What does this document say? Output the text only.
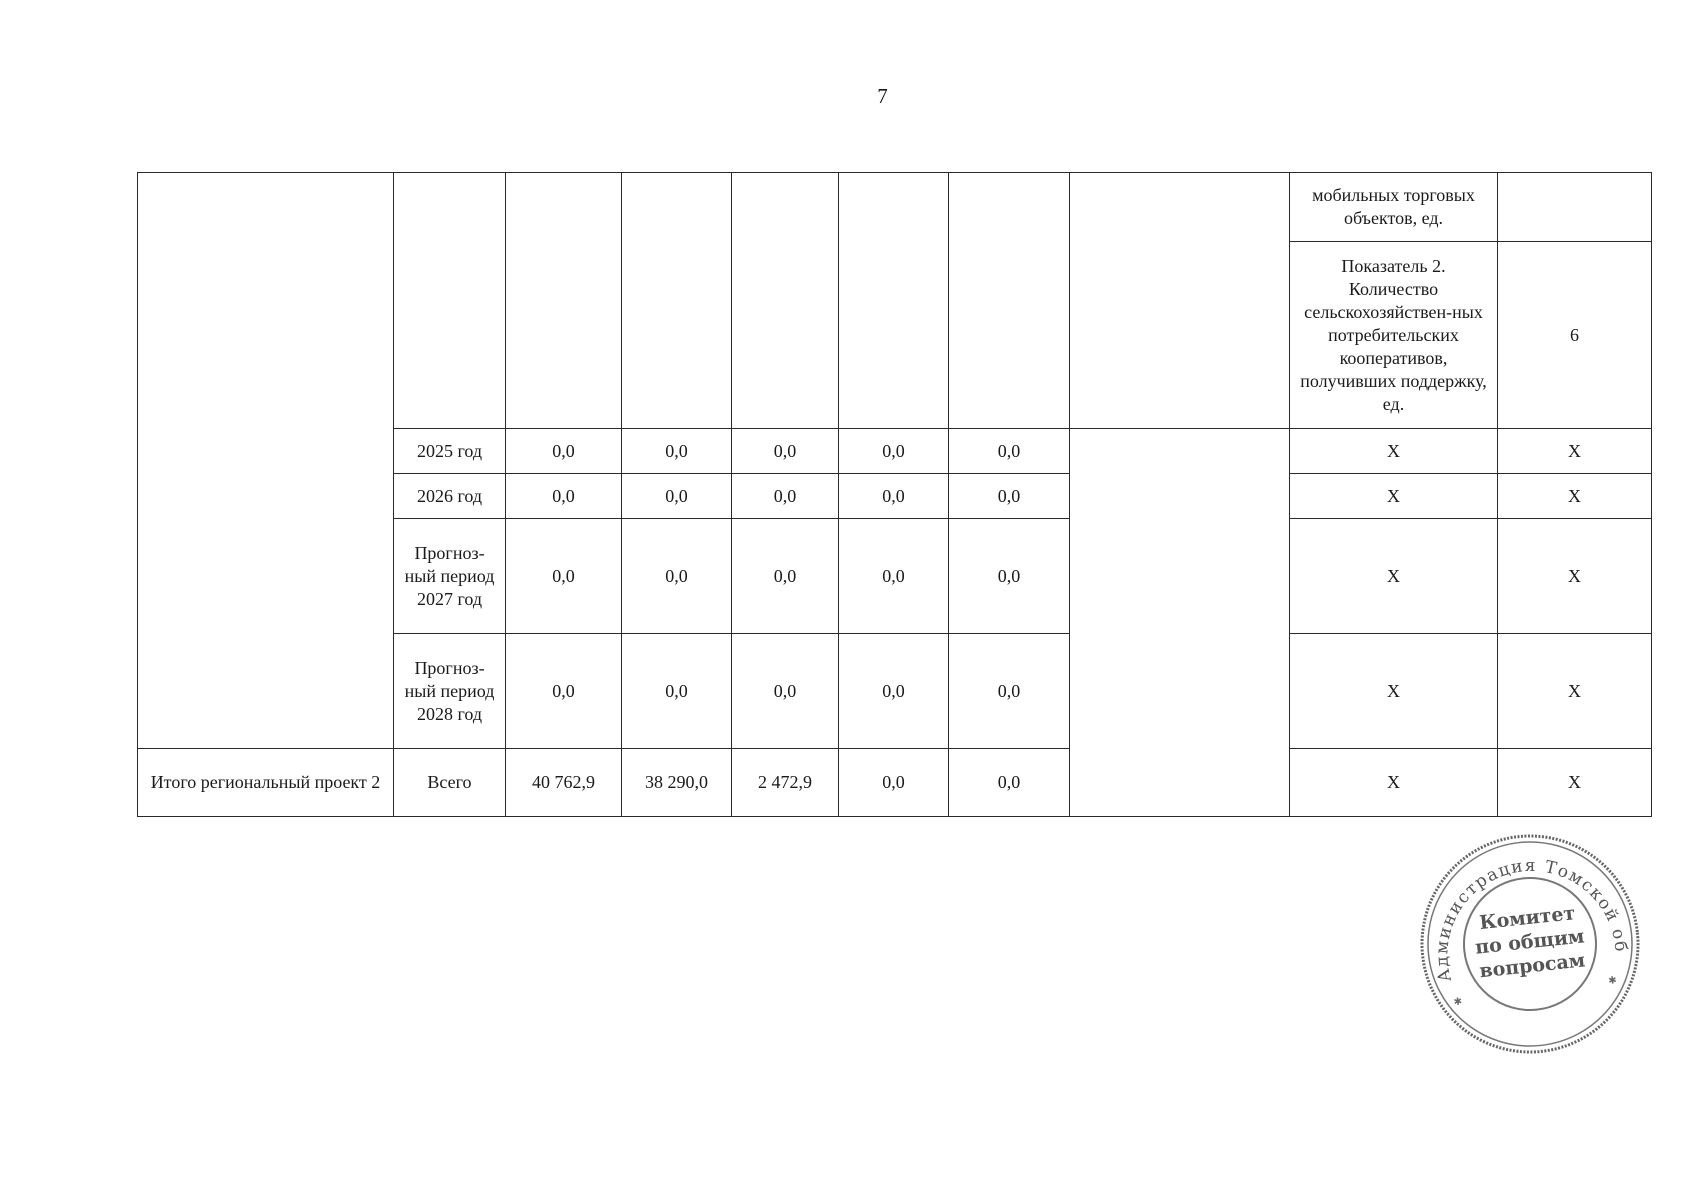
7
								мобильных торговых объектов, ед.	
								Показатель 2. Количество сельскохозяйствен-ных потребительских кооперативов, получивших поддержку, ед.	6
	2025 год	0,0	0,0	0,0	0,0	0,0		X	X
	2026 год	0,0	0,0	0,0	0,0	0,0		X	X
	Прогноз-ный период 2027 год	0,0	0,0	0,0	0,0	0,0		X	X
	Прогноз-ный период 2028 год	0,0	0,0	0,0	0,0	0,0		X	X
Итого региональный проект 2	Всего	40 762,9	38 290,0	2 472,9	0,0	0,0		X	X
Администрация Томской области
✱
✱
Комитет
по общим
вопросам
